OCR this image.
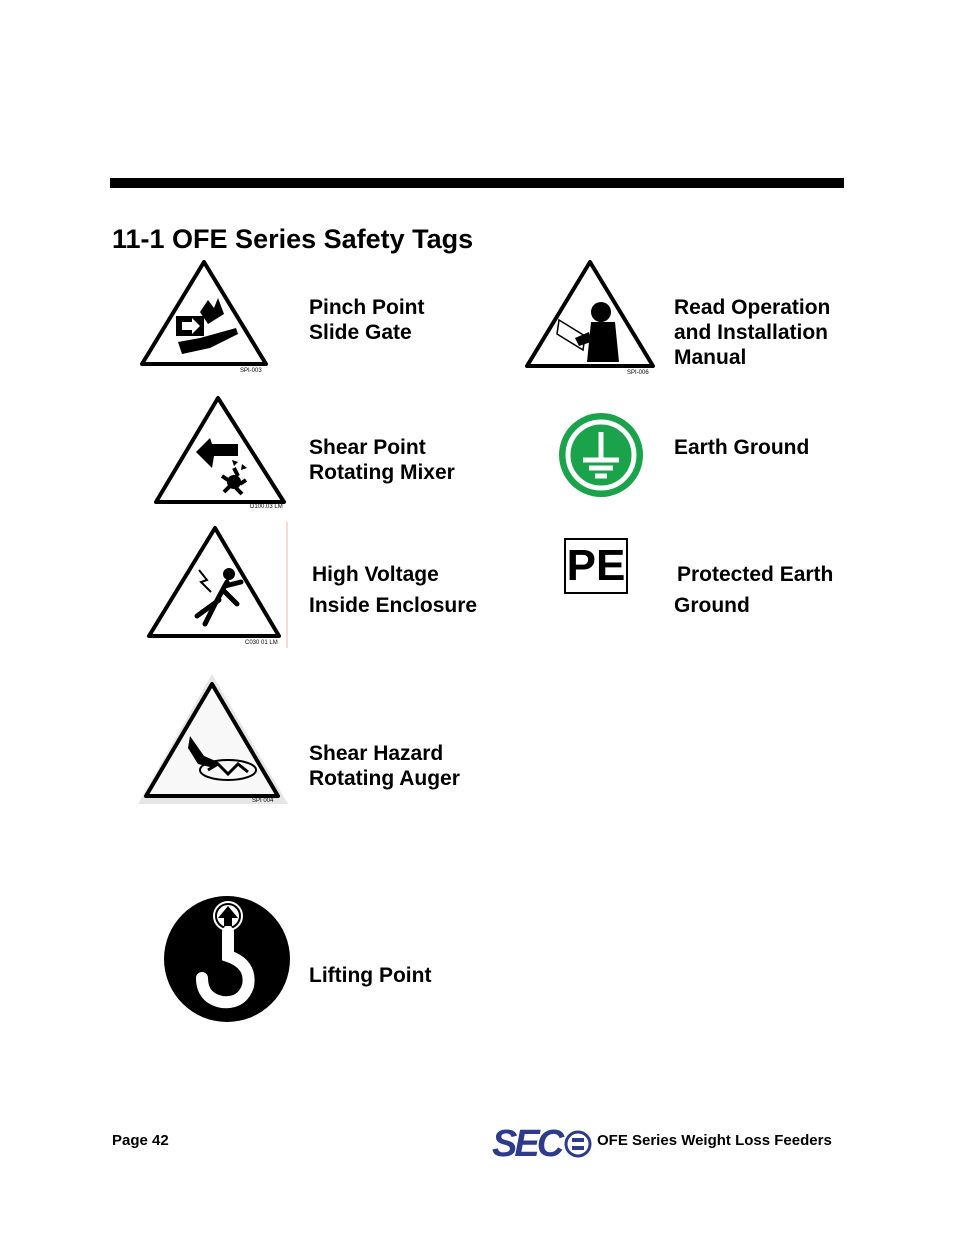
11-1 OFE Series Safety Tags
SPI-003
Pinch Point
Slide Gate
SPI-006
Read Operation
and Installation
Manual
D100.03 LM
Shear Point
Rotating Mixer
Earth Ground
C030 01 LM
High Voltage
Inside Enclosure
PE Protected Earth
Ground
SPI 004
Shear Hazard
Rotating Auger
Lifting Point
Page 42	SEC OFE Series Weight Loss Feeders
